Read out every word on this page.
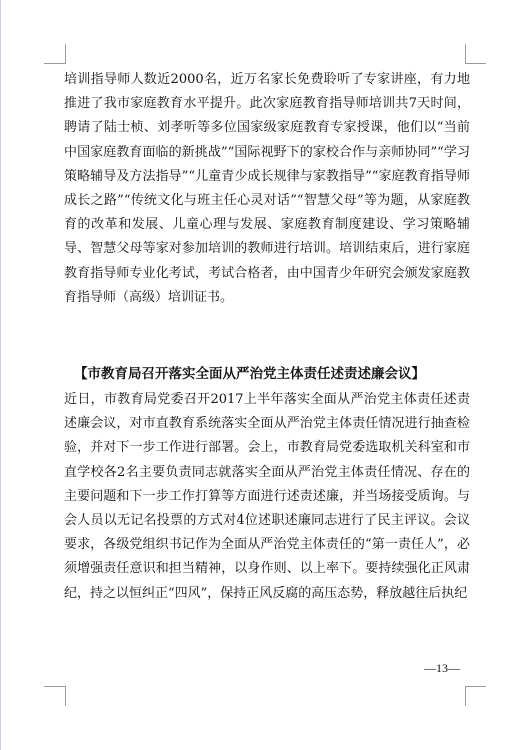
培训指导师人数近2000名，近万名家长免费聆听了专家讲座，有力地推进了我市家庭教育水平提升。此次家庭教育指导师培训共7天时间，聘请了陆士桢、刘孝听等多位国家级家庭教育专家授课，他们以“当前中国家庭教育面临的新挑战”“国际视野下的家校合作与亲师协同”“学习策略辅导及方法指导”“儿童青少成长规律与家教指导”“家庭教育指导师成长之路”“传统文化与班主任心灵对话”“智慧父母”等为题，从家庭教育的改革和发展、儿童心理与发展、家庭教育制度建设、学习策略辅导、智慧父母等家对参加培训的教师进行培训。培训结束后，进行家庭教育指导师专业化考试，考试合格者，由中国青少年研究会颁发家庭教育指导师（高级）培训证书。

【市教育局召开落实全面从严治党主体责任述责述廉会议】

近日，市教育局党委召开2017上半年落实全面从严治党主体责任述责述廉会议，对市直教育系统落实全面从严治党主体责任情况进行抽查检验，并对下一步工作进行部署。会上，市教育局党委选取机关科室和市直学校各2名主要负责同志就落实全面从严治党主体责任情况、存在的主要问题和下一步工作打算等方面进行述责述廉，并当场接受质询。与会人员以无记名投票的方式对4位述职述廉同志进行了民主评议。会议要求，各级党组织书记作为全面从严治党主体责任的“第一责任人”，必须增强责任意识和担当精神，以身作则、以上率下。要持续强化正风肃纪，持之以恒纠正“四风”，保持正风反腐的高压态势，释放越往后执纪

—13—
